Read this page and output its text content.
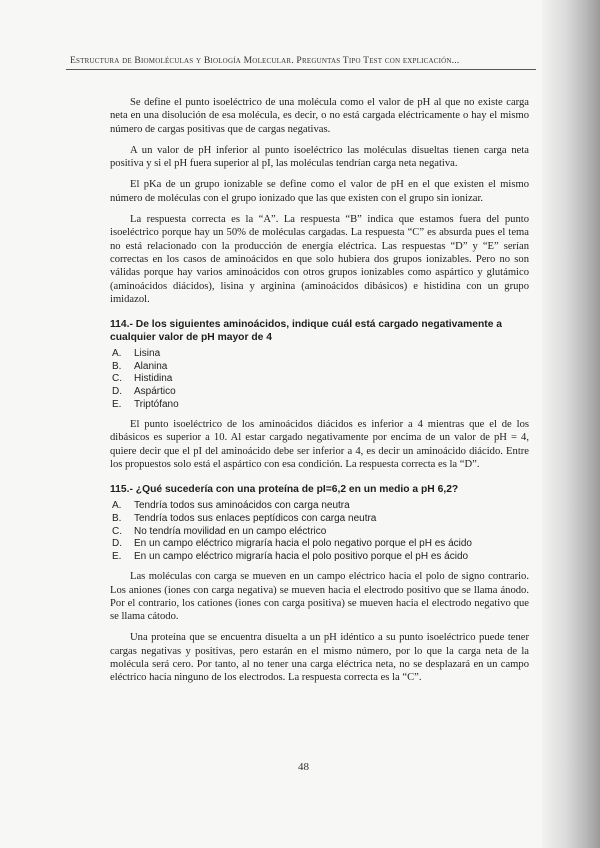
Estructura de Biomoléculas y Biología Molecular. Preguntas Tipo Test con explicación...

Se define el punto isoeléctrico de una molécula como el valor de pH al que no existe carga neta en una disolución de esa molécula, es decir, o no está cargada eléctricamente o hay el mismo número de cargas positivas que de cargas negativas.

A un valor de pH inferior al punto isoeléctrico las moléculas disueltas tienen carga neta positiva y si el pH fuera superior al pI, las moléculas tendrían carga neta negativa.

El pKa de un grupo ionizable se define como el valor de pH en el que existen el mismo número de moléculas con el grupo ionizado que las que existen con el grupo sin ionizar.

La respuesta correcta es la “A”. La respuesta “B” indica que estamos fuera del punto isoeléctrico porque hay un 50% de moléculas cargadas. La respuesta “C” es absurda pues el tema no está relacionado con la producción de energía eléctrica. Las respuestas “D” y “E” serían correctas en los casos de aminoácidos en que solo hubiera dos grupos ionizables. Pero no son válidas porque hay varios aminoácidos con otros grupos ionizables como aspártico y glutámico (aminoácidos diácidos), lisina y arginina (aminoácidos dibásicos) e histidina con un grupo imidazol.

114.- De los siguientes aminoácidos, indique cuál está cargado negativamente a cualquier valor de pH mayor de 4

A.	Lisina
B.	Alanina
C.	Histidina
D.	Aspártico
E.	Triptófano

El punto isoeléctrico de los aminoácidos diácidos es inferior a 4 mientras que el de los dibásicos es superior a 10. Al estar cargado negativamente por encima de un valor de pH = 4, quiere decir que el pI del aminoácido debe ser inferior a 4, es decir un aminoácido diácido. Entre los propuestos solo está el aspártico con esa condición. La respuesta correcta es la “D”.

115.- ¿Qué sucedería con una proteína de pI=6,2 en un medio a pH 6,2?

A.	Tendría todos sus aminoácidos con carga neutra
B.	Tendría todos sus enlaces peptídicos con carga neutra
C.	No tendría movilidad en un campo eléctrico
D.	En un campo eléctrico migraría hacia el polo negativo porque el pH es ácido
E.	En un campo eléctrico migraría hacia el polo positivo porque el pH es ácido

Las moléculas con carga se mueven en un campo eléctrico hacia el polo de signo contrario. Los aniones (iones con carga negativa) se mueven hacia el electrodo positivo que se llama ánodo. Por el contrario, los cationes (iones con carga positiva) se mueven hacia el electrodo negativo que se llama cátodo.

Una proteína que se encuentra disuelta a un pH idéntico a su punto isoeléctrico puede tener cargas negativas y positivas, pero estarán en el mismo número, por lo que la carga neta de la molécula será cero. Por tanto, al no tener una carga eléctrica neta, no se desplazará en un campo eléctrico hacia ninguno de los electrodos. La respuesta correcta es la “C”.

48
